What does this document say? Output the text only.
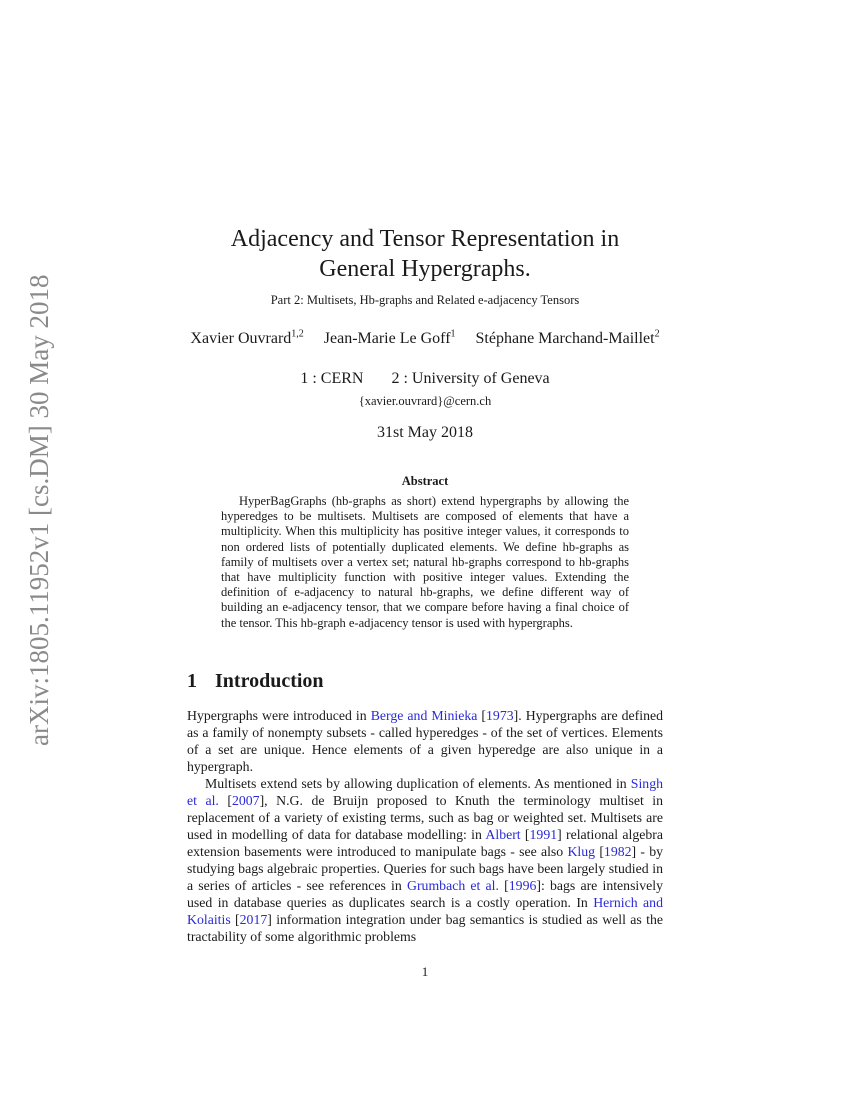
arXiv:1805.11952v1 [cs.DM] 30 May 2018
Adjacency and Tensor Representation in
General Hypergraphs.
Part 2: Multisets, Hb-graphs and Related e-adjacency Tensors
Xavier Ouvrard$^{1,2}$ Jean-Marie Le Goff$^1$ Stéphane Marchand-Maillet$^2$
1 : CERN 2 : University of Geneva
{xavier.ouvrard}@cern.ch
31st May 2018
Abstract
HyperBagGraphs (hb-graphs as short) extend hypergraphs by allowing the hyperedges to be multisets. Multisets are composed of elements that have a multiplicity. When this multiplicity has positive integer values, it corresponds to non ordered lists of potentially duplicated elements. We define hb-graphs as family of multisets over a vertex set; natural hb-graphs correspond to hb-graphs that have multiplicity function with positive integer values. Extending the definition of e-adjacency to natural hb-graphs, we define different way of building an e-adjacency tensor, that we compare before having a final choice of the tensor. This hb-graph e-adjacency tensor is used with hypergraphs.
1 Introduction

Hypergraphs were introduced in Berge and Minieka [1973]. Hypergraphs are defined as a family of nonempty subsets - called hyperedges - of the set of vertices. Elements of a set are unique. Hence elements of a given hyperedge are also unique in a hypergraph.

Multisets extend sets by allowing duplication of elements. As mentioned in Singh et al. [2007], N.G. de Bruijn proposed to Knuth the terminology multiset in replacement of a variety of existing terms, such as bag or weighted set. Multisets are used in modelling of data for database modelling: in Albert [1991] relational algebra extension basements were introduced to manipulate bags - see also Klug [1982] - by studying bags algebraic properties. Queries for such bags have been largely studied in a series of articles - see references in Grumbach et al. [1996]: bags are intensively used in database queries as duplicates search is a costly operation. In Hernich and Kolaitis [2017] information integration under bag semantics is studied as well as the tractability of some algorithmic problems

1
